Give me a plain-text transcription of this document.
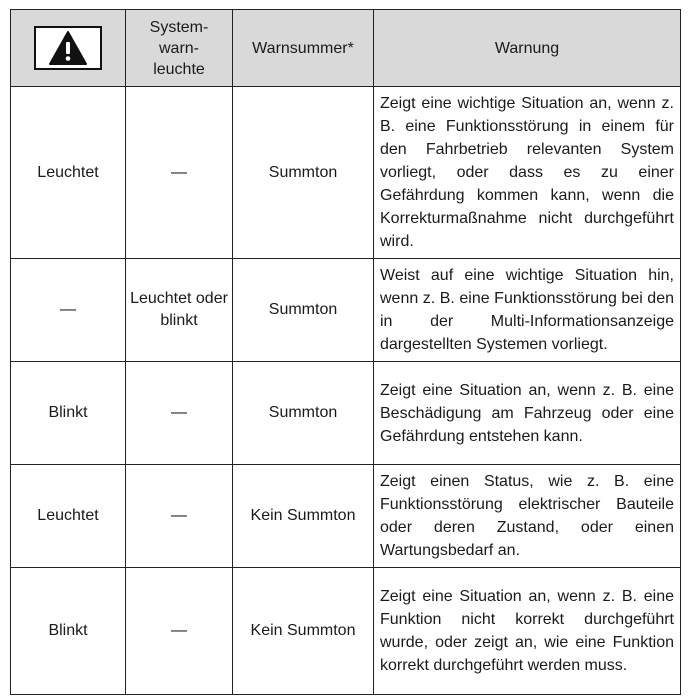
	System-
warn-
leuchte	Warnsummer*	Warnung
Leuchtet	—	Summton	Zeigt eine wichtige Situation an, wenn z. B. eine Funktionsstörung in einem für den Fahrbetrieb relevanten System vorliegt, oder dass es zu einer Gefährdung kommen kann, wenn die Korrekturmaßnahme nicht durchgeführt wird.
—	Leuchtet oder blinkt	Summton	Weist auf eine wichtige Situation hin, wenn z. B. eine Funktionsstörung bei den in der Multi-Informationsanzeige dargestellten Systemen vorliegt.
Blinkt	—	Summton	Zeigt eine Situation an, wenn z. B. eine Beschädigung am Fahrzeug oder eine Gefährdung entstehen kann.
Leuchtet	—	Kein Summton	Zeigt einen Status, wie z. B. eine Funktionsstörung elektrischer Bauteile oder deren Zustand, oder einen Wartungsbedarf an.
Blinkt	—	Kein Summton	Zeigt eine Situation an, wenn z. B. eine Funktion nicht korrekt durchgeführt wurde, oder zeigt an, wie eine Funktion korrekt durchgeführt werden muss.
